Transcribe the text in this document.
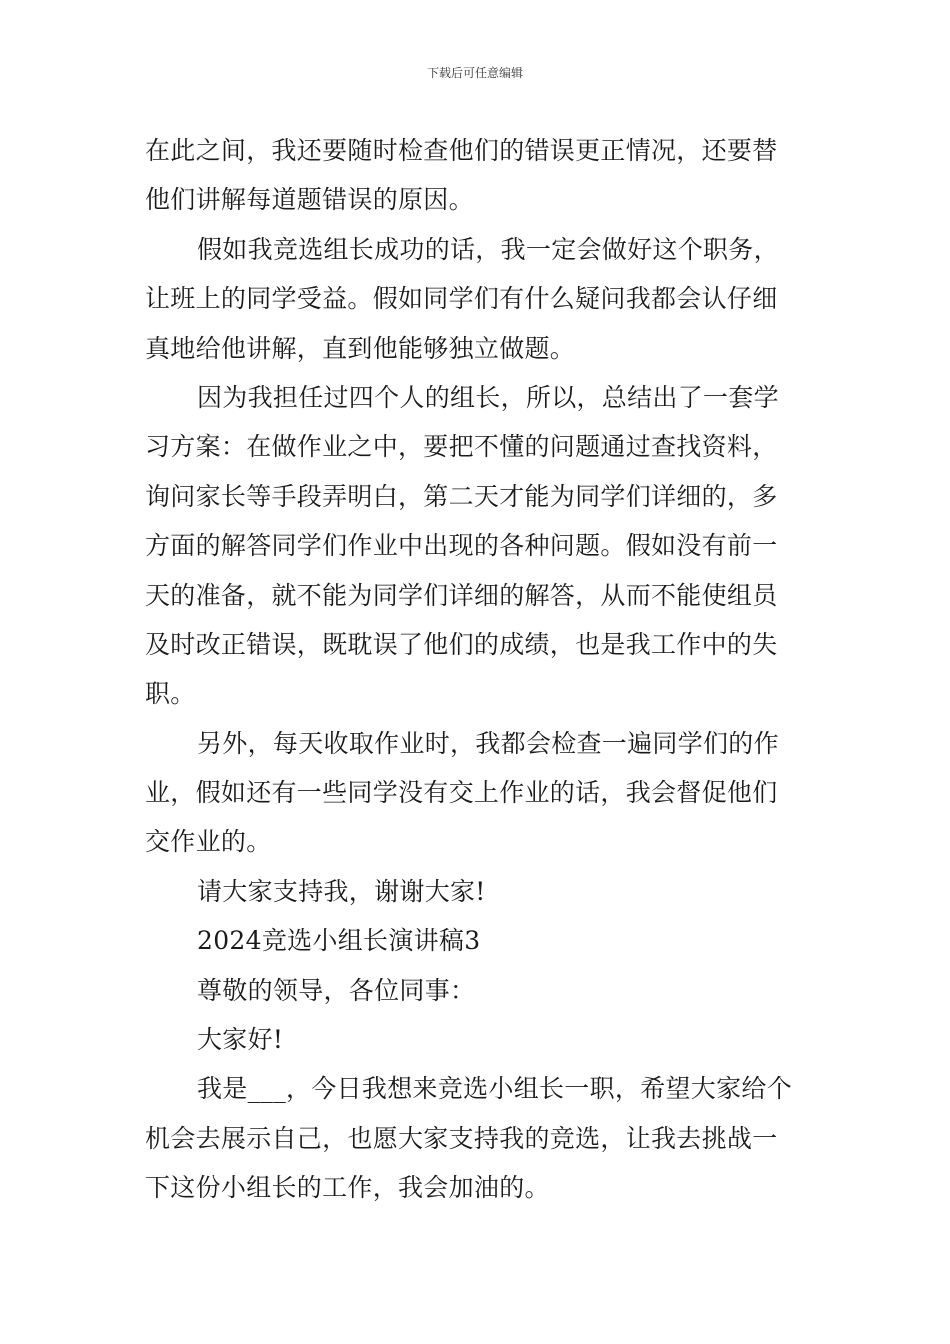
下载后可任意编辑
在此之间，我还要随时检查他们的错误更正情况，还要替
他们讲解每道题错误的原因。
假如我竞选组长成功的话，我一定会做好这个职务，
让班上的同学受益。假如同学们有什么疑问我都会认仔细
真地给他讲解，直到他能够独立做题。
因为我担任过四个人的组长，所以，总结出了一套学
习方案：在做作业之中，要把不懂的问题通过查找资料，
询问家长等手段弄明白，第二天才能为同学们详细的，多
方面的解答同学们作业中出现的各种问题。假如没有前一
天的准备，就不能为同学们详细的解答，从而不能使组员
及时改正错误，既耽误了他们的成绩，也是我工作中的失
职。
另外，每天收取作业时，我都会检查一遍同学们的作
业，假如还有一些同学没有交上作业的话，我会督促他们
交作业的。
请大家支持我，谢谢大家!
2024竞选小组长演讲稿3
尊敬的领导，各位同事：
大家好!
我是___，今日我想来竞选小组长一职，希望大家给个
机会去展示自己，也愿大家支持我的竞选，让我去挑战一
下这份小组长的工作，我会加油的。
